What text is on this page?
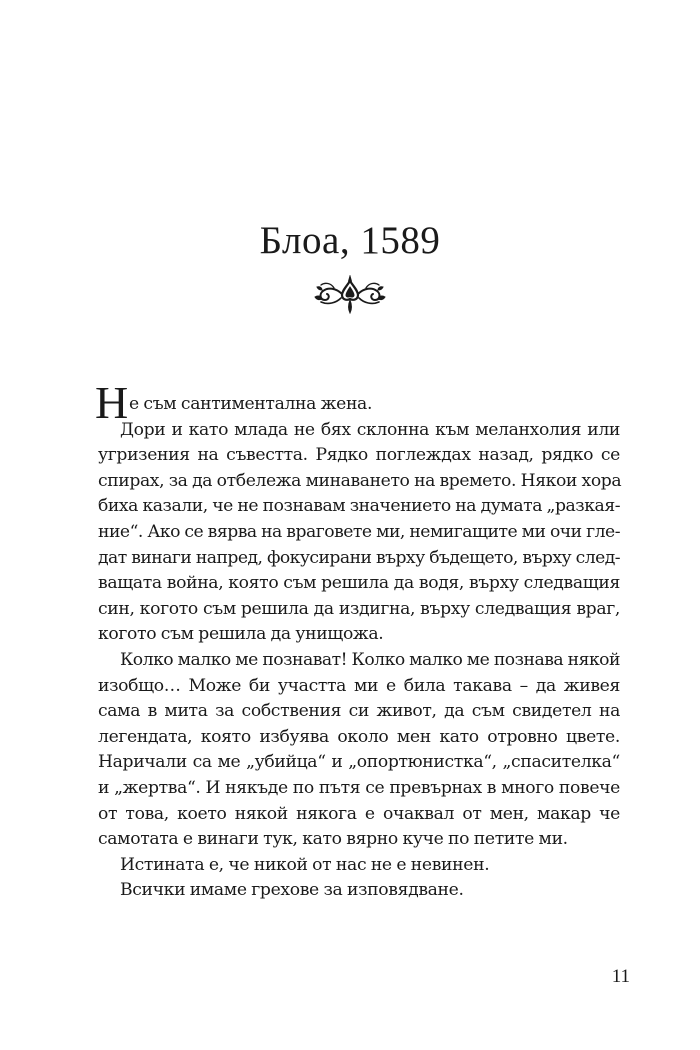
Блоа, 1589
Н е съм сантиментална жена.
Дори и като млада не бях склонна към меланхолия или
угризения на съвестта. Рядко поглеждах назад, рядко се
спирах, за да отбележа минаването на времето. Някои хора
биха казали, че не познавам значението на думата „разкая-
ние“. Ако се вярва на враговете ми, немигащите ми очи гле-
дат винаги напред, фокусирани върху бъдещето, върху след-
ващата война, която съм решила да водя, върху следващия
син, когото съм решила да издигна, върху следващия враг,
когото съм решила да унищожа.
Колко малко ме познават! Колко малко ме познава някой
изобщо… Може би участта ми е била такава – да живея
сама в мита за собствения си живот, да съм свидетел на
легендата, която избуява около мен като отровно цвете.
Наричали са ме „убийца“ и „опортюнистка“, „спасителка“
и „жертва“. И някъде по пътя се превърнах в много повече
от това, което някой някога е очаквал от мен, макар че
самотата е винаги тук, като вярно куче по петите ми.
Истината е, че никой от нас не е невинен.
Всички имаме грехове за изповядване.
11
